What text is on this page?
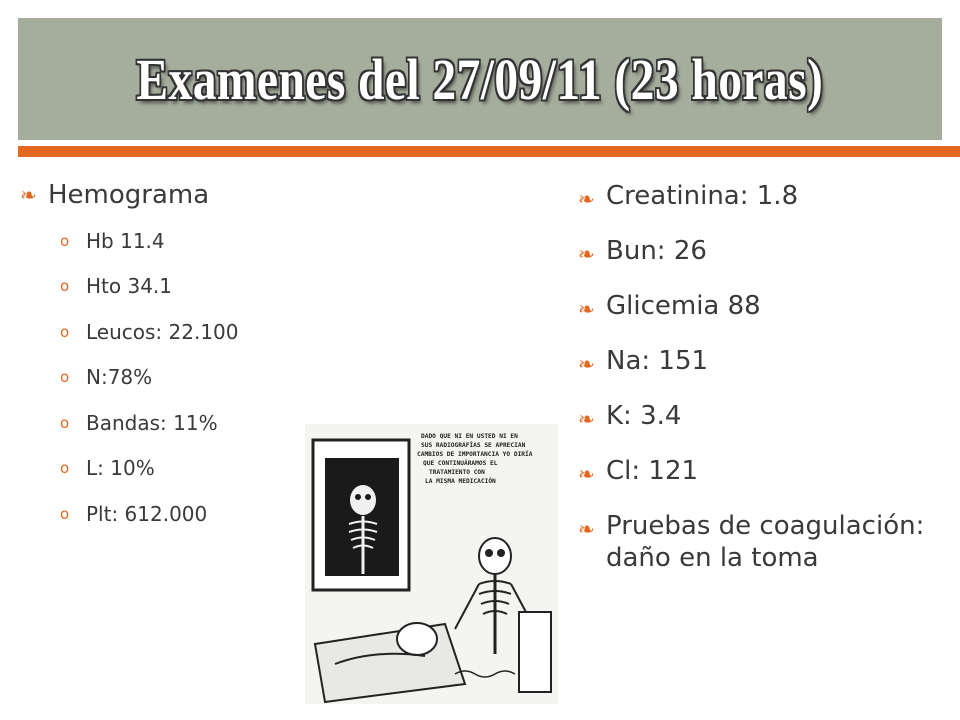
Examenes del 27/09/11 (23 horas)
❧ Hemograma
o Hb 11.4
o Hto 34.1
o Leucos: 22.100
o N:78%
o Bandas: 11%
o L: 10%
o Plt: 612.000
DADO QUE NI EN USTED NI EN
SUS RADIOGRAFÍAS SE APRECIAN
CAMBIOS DE IMPORTANCIA YO DIRÍA
QUE CONTINUÁRAMOS EL
TRATAMIENTO CON
LA MISMA MEDICACIÓN
❧ Creatinina: 1.8
❧ Bun: 26
❧ Glicemia 88
❧ Na: 151
❧ K: 3.4
❧ Cl: 121
❧ Pruebas de coagulación: daño en la toma
